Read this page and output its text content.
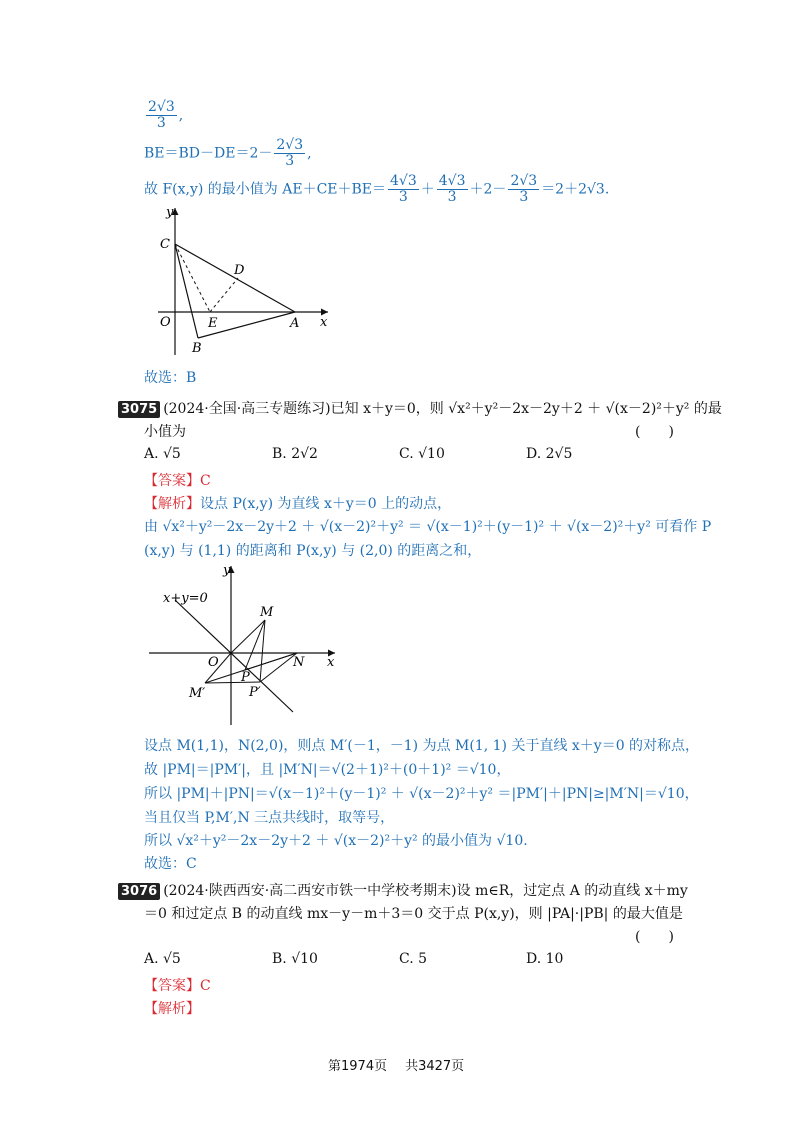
$\frac{2√3}{3}$ ,
$BE=BD-DE=2- \frac{2√3}{3}$ ,
故 F(x,y) 的最小值为 $AE+CE+BE= \frac{4√3}{3} + \frac{4√3}{3} +2- \frac{2√3}{3} =2+2√3$.
y
x
O
C
D
E	A
B
故选：B
3075 (2024·全国·高三专题练习)已知 x＋y＝0，则 √x²＋y²－2x－2y＋2 ＋ √(x－2)²＋y² 的最
小值为	(　　)
A. √5	B. 2√2	C. √10	D. 2√5
【答案】C
【解析】设点 P(x,y) 为直线 x＋y＝0 上的动点，
由 √x²＋y²－2x－2y＋2 ＋ √(x－2)²＋y² ＝ √(x－1)²＋(y－1)² ＋ √(x－2)²＋y² 可看作 P
(x,y) 与 (1,1) 的距离和 P(x,y) 与 (2,0) 的距离之和，
y
x
x+y=0
M
O
P
N
M′	P′
设点 M(1,1)，N(2,0)，则点 M′(－1，－1) 为点 M(1, 1) 关于直线 x＋y＝0 的对称点，
故 |PM|＝|PM′|，且 |M′N|＝√(2＋1)²＋(0＋1)² ＝√10，
所以 |PM|＋|PN|＝√(x－1)²＋(y－1)² ＋ √(x－2)²＋y² ＝|PM′|＋|PN|≥|M′N|＝√10，
当且仅当 P,M′,N 三点共线时，取等号，
所以 √x²＋y²－2x－2y＋2 ＋ √(x－2)²＋y² 的最小值为 √10.
故选：C
3076 (2024·陕西西安·高二西安市铁一中学校考期末)设 m∈R，过定点 A 的动直线 x＋my
＝0 和过定点 B 的动直线 mx－y－m＋3＝0 交于点 P(x,y)，则 |PA|·|PB| 的最大值是
(　　)
A. √5	B. √10	C. 5	D. 10
【答案】C
【解析】
第1974页 共3427页
